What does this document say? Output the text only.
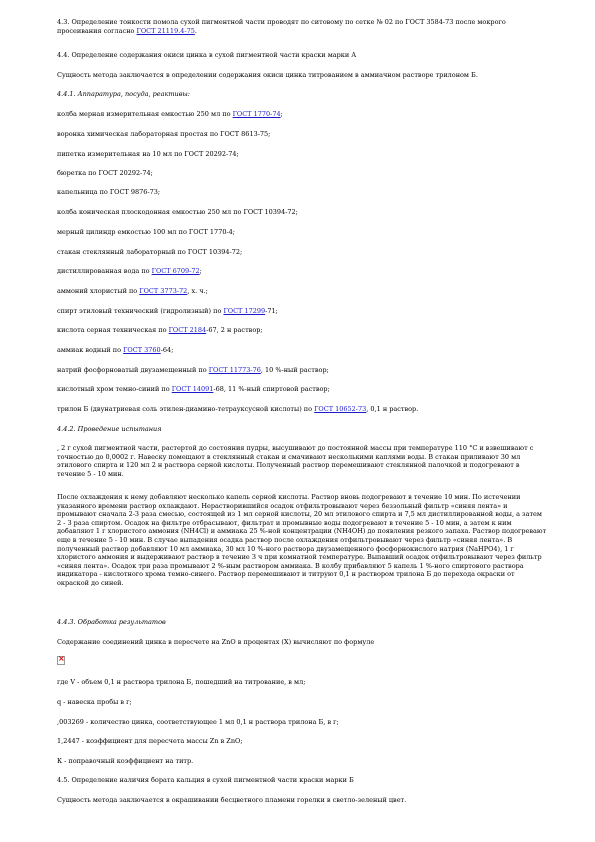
4.3. Определение тонкости помола сухой пигментной части проводят по ситовому по сетке № 02 по ГОСТ 3584-73 после мокрого просеивания согласно ГОСТ 21119.4-75.

4.4. Определение содержания окиси цинка в сухой пигментной части краски марки А

Сущность метода заключается в определении содержания окиси цинка титрованием в аммиачном растворе трилоном Б.

4.4.1. Аппаратура, посуда, реактивы:

колба мерная измерительная емкостью 250 мл по ГОСТ 1770-74;

воронка химическая лабораторная простая по ГОСТ 8613-75;

пипетка измерительная на 10 мл по ГОСТ 20292-74;

бюретка по ГОСТ 20292-74;

капельница по ГОСТ 9876-73;

колба коническая плоскодонная емкостью 250 мл по ГОСТ 10394-72;

мерный цилиндр емкостью 100 мл по ГОСТ 1770-4;

стакан стеклянный лабораторный по ГОСТ 10394-72;

дистиллированная вода по ГОСТ 6709-72;

аммоний хлористый по ГОСТ 3773-72, х. ч.;

спирт этиловый технический (гидролизный) по ГОСТ 17299-71;

кислота серная техническая по ГОСТ 2184-67, 2 н раствор;

аммиак водный по ГОСТ 3760-64;

натрий фосфорноватый двузамещенный по ГОСТ 11773-76, 10 %-ный раствор;

кислотный хром темно-синий по ГОСТ 14091-68, 11 %-ный спиртовой раствор;

трилон Б (двунатриевая соль этилен-диамино-тетрауксусной кислоты) по ГОСТ 10652-73, 0,1 н раствор.

4.4.2. Проведение испытания

, 2 г сухой пигментной части, растертой до состояния пудры, высушивают до постоянной массы при температуре 110 °С и взвешивают с точностью до 0,0002 г. Навеску помещают в стеклянный стакан и смачивают несколькими каплями воды. В стакан приливают 30 мл этилового спирта и 120 мл 2 н раствора серной кислоты. Полученный раствор перемешивают стеклянной палочкой и подогревают в течение 5 - 10 мин.

После охлаждения к нему добавляют несколько капель серной кислоты. Раствор вновь подогревают в течение 10 мин. По истечении указанного времени раствор охлаждают. Нерастворившийся осадок отфильтровывают через беззольный фильтр «синяя лента» и промывают сначала 2-3 раза смесью, состоящей из 1 мл серной кислоты, 20 мл этилового спирта и 7,5 мл дистиллированной воды, а затем 2 - 3 раза спиртом. Осадок на фильтре отбрасывают, фильтрат и промывные воды подогревают в течение 5 - 10 мин, а затем к ним добавляют 1 г хлористого аммония (NH4Cl) и аммиака 25 %-ной концентрации (NH4OH) до появления резкого запаха. Раствор подогревают еще в течение 5 - 10 мин. В случае выпадения осадка раствор после охлаждения отфильтровывают через фильтр «синяя лента». В полученный раствор добавляют 10 мл аммиака, 30 мл 10 %-ного раствора двузамещенного фосфорнокислого натрия (NaHPO4), 1 г хлористого аммония и выдерживают раствор в течение 3 ч при комнатной температуре. Выпавший осадок отфильтровывают через фильтр «синяя лента». Осадок три раза промывают 2 %-ным раствором аммиака. В колбу прибавляют 5 капель 1 %-ного спиртового раствора индикатора - кислотного хрома темно-синего. Раствор перемешивают и титруют 0,1 н раствором трилона Б до перехода окраски от окраской до синей.

4.4.3. Обработка результатов

Содержание соединений цинка в пересчете на ZnO в процентах (X) вычисляют по формуле

×

где V - объем 0,1 н раствора трилона Б, пошедший на титрование, в мл;

q - навеска пробы в г;

,003269 - количество цинка, соответствующее 1 мл 0,1 н раствора трилона Б, в г;

1,2447 - коэффициент для пересчета массы Zn в ZnO;

К - поправочный коэффициент на титр.

4.5. Определение наличия бората кальция в сухой пигментной части краски марки Б

Сущность метода заключается в окрашивании бесцветного пламени горелки в светло-зеленый цвет.
